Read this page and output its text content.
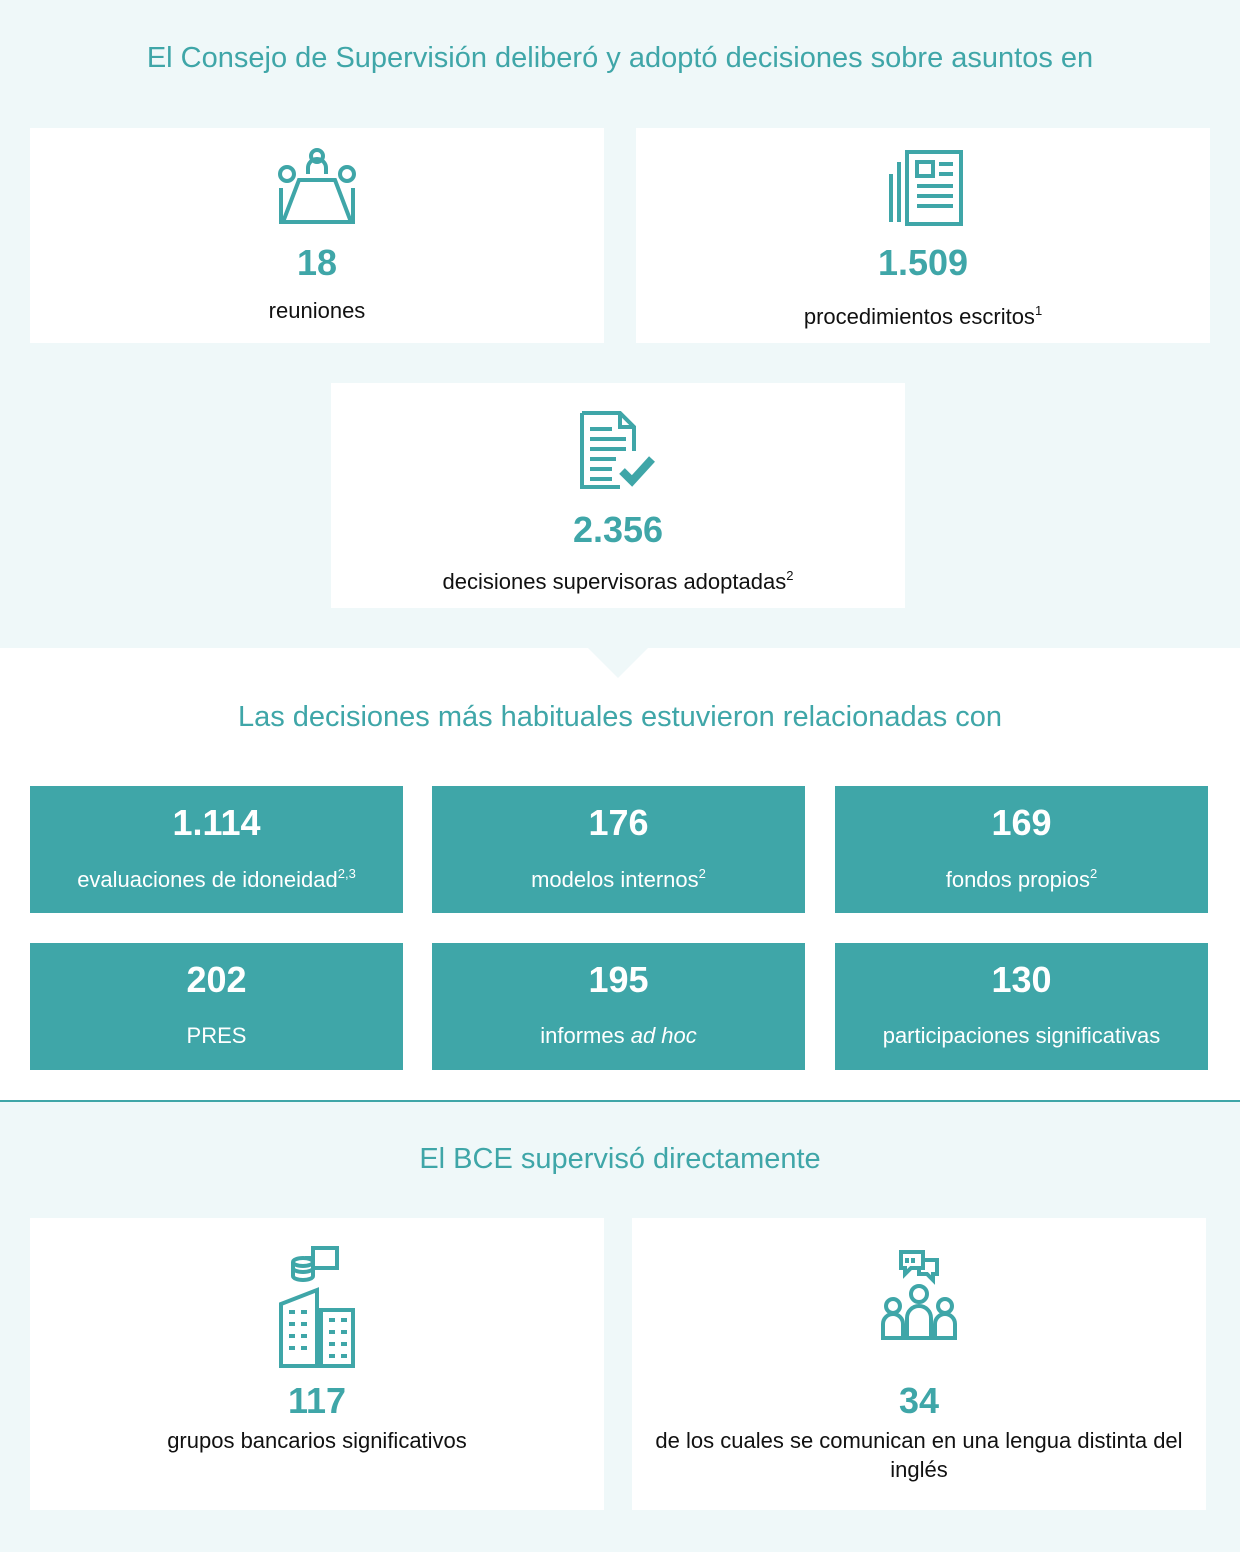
El Consejo de Supervisión deliberó y adoptó decisiones sobre asuntos en
18
reuniones
1.509
procedimientos escritos$^1$
2.356
decisiones supervisoras adoptadas$^2$
Las decisiones más habituales estuvieron relacionadas con
1.114
evaluaciones de idoneidad$^{2,3}$
176
modelos internos$^2$
169
fondos propios$^2$
202
PRES
195
informes ad hoc
130
participaciones significativas
El BCE supervisó directamente
117
grupos bancarios significativos
34
de los cuales se comunican en una lengua distinta del inglés
